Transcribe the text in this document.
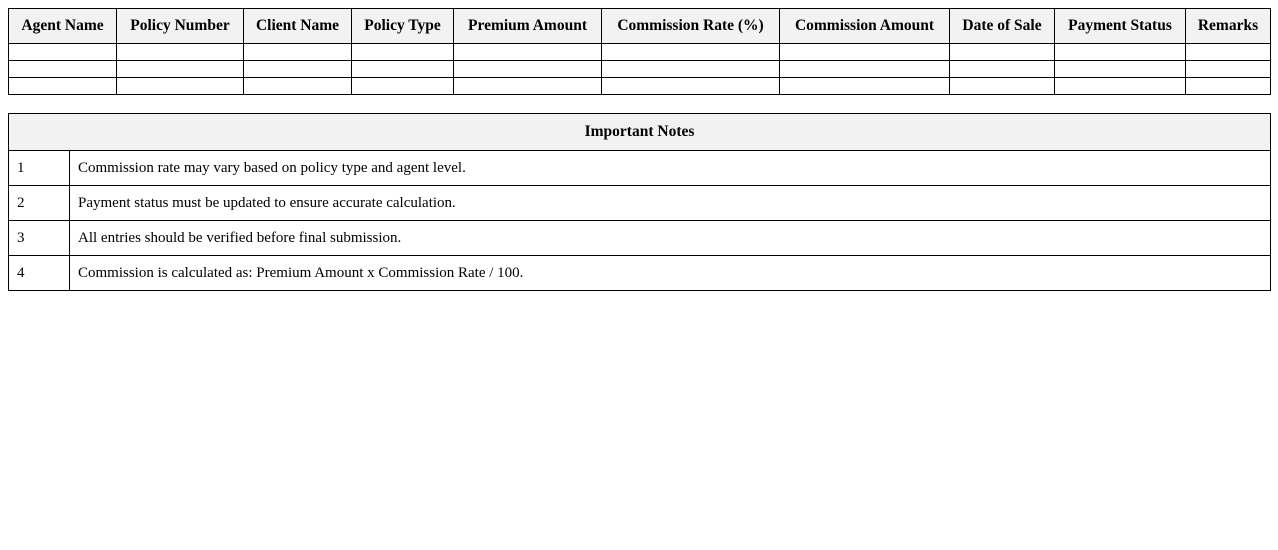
Agent Name	Policy Number	Client Name	Policy Type	Premium Amount	Commission Rate (%)	Commission Amount	Date of Sale	Payment Status	Remarks

Important Notes	
1	Commission rate may vary based on policy type and agent level.
2	Payment status must be updated to ensure accurate calculation.
3	All entries should be verified before final submission.
4	Commission is calculated as: Premium Amount x Commission Rate / 100.
